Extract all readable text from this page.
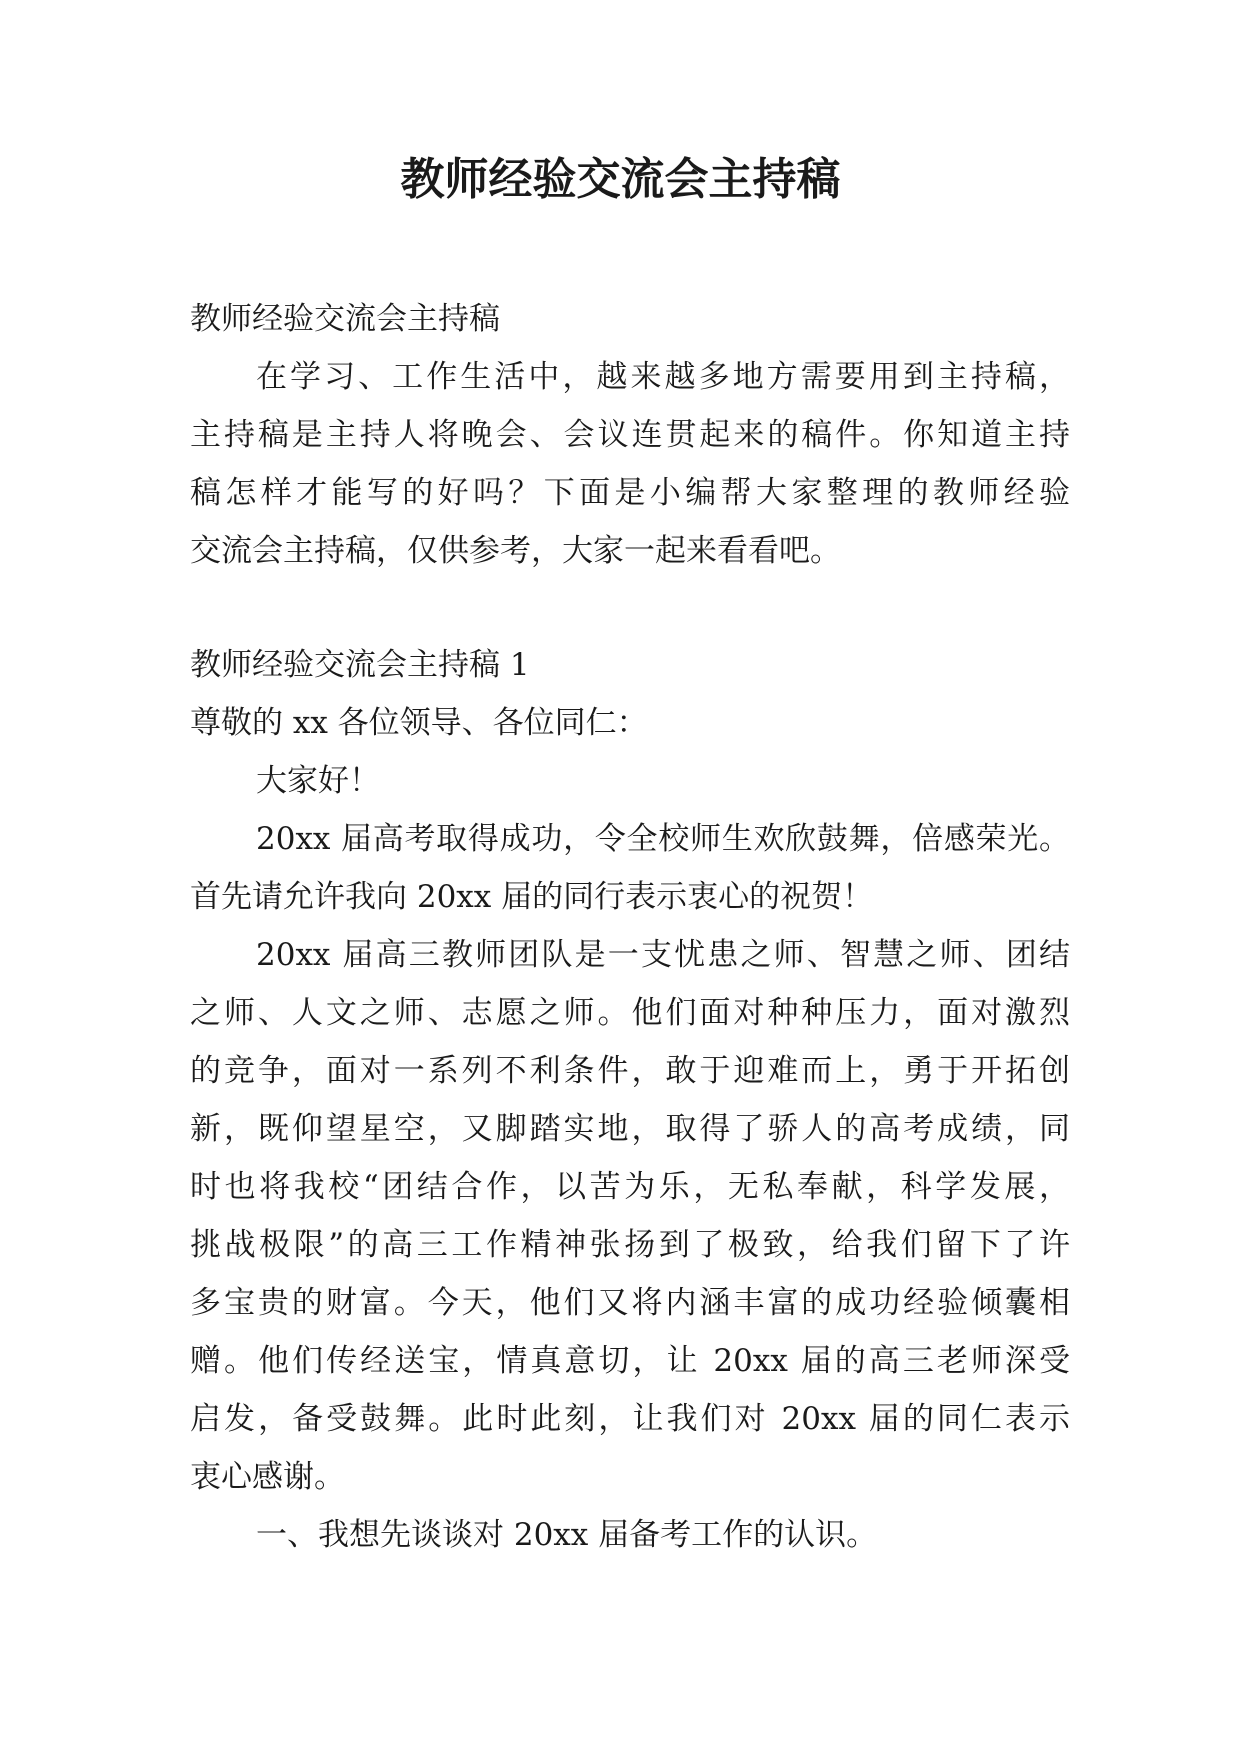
教师经验交流会主持稿

教师经验交流会主持稿

在学习、工作生活中，越来越多地方需要用到主持稿，

主持稿是主持人将晚会、会议连贯起来的稿件。你知道主持

稿怎样才能写的好吗？下面是小编帮大家整理的教师经验

交流会主持稿，仅供参考，大家一起来看看吧。

教师经验交流会主持稿 1

尊敬的 xx 各位领导、各位同仁：

大家好！

20xx 届高考取得成功，令全校师生欢欣鼓舞，倍感荣光。

首先请允许我向 20xx 届的同行表示衷心的祝贺！

20xx 届高三教师团队是一支忧患之师、智慧之师、团结

之师、人文之师、志愿之师。他们面对种种压力，面对激烈

的竞争，面对一系列不利条件，敢于迎难而上，勇于开拓创

新，既仰望星空，又脚踏实地，取得了骄人的高考成绩，同

时也将我校“团结合作，以苦为乐，无私奉献，科学发展，

挑战极限”的高三工作精神张扬到了极致，给我们留下了许

多宝贵的财富。今天，他们又将内涵丰富的成功经验倾囊相

赠。他们传经送宝，情真意切，让 20xx 届的高三老师深受

启发，备受鼓舞。此时此刻，让我们对 20xx 届的同仁表示

衷心感谢。

一、我想先谈谈对 20xx 届备考工作的认识。
